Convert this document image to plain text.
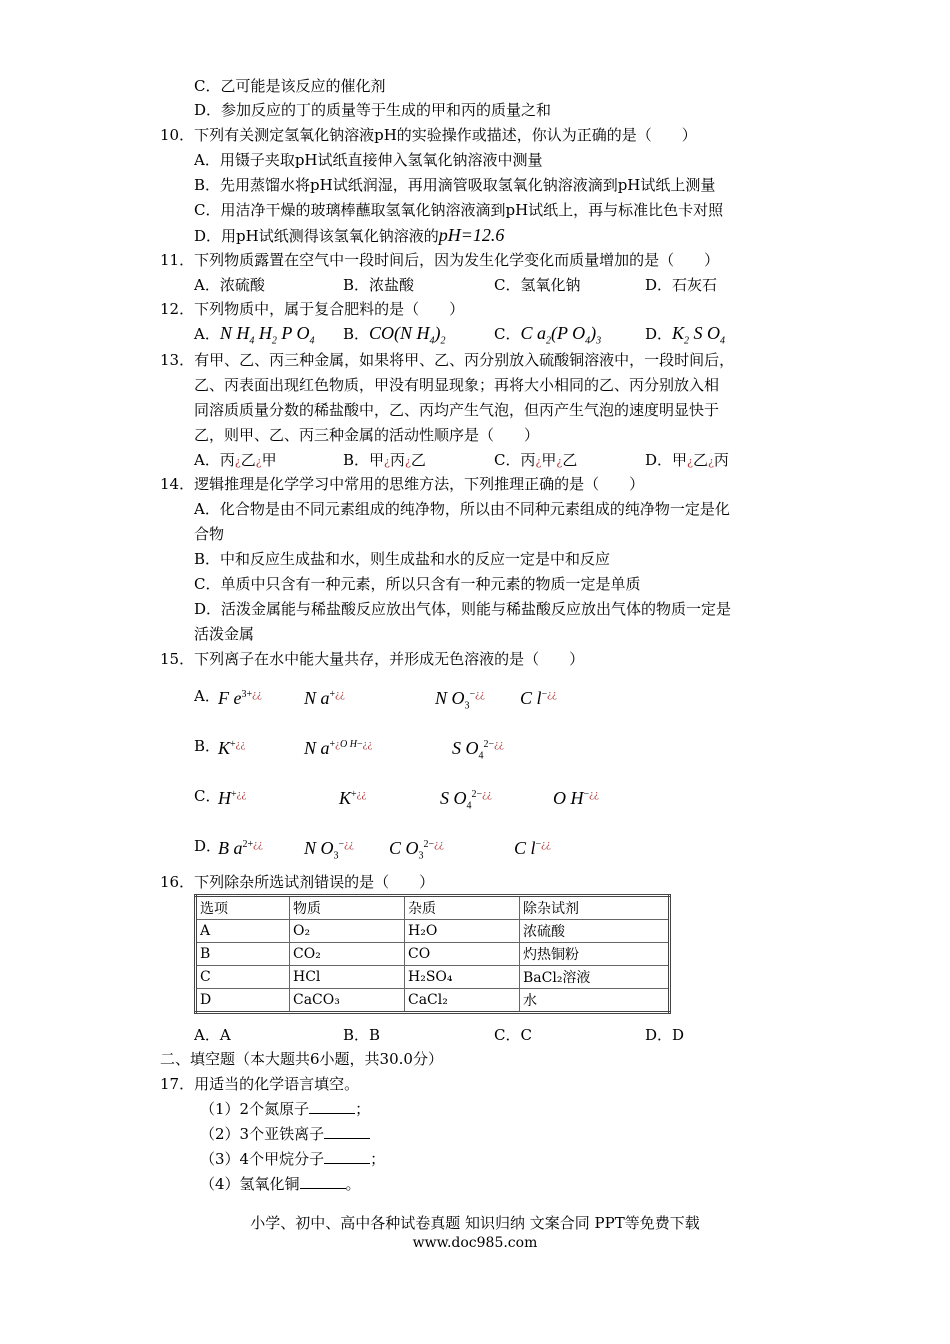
C．乙可能是该反应的催化剂
D．参加反应的丁的质量等于生成的甲和丙的质量之和
10．下列有关测定氢氧化钠溶液pH的实验操作或描述，你认为正确的是（　　）
A．用镊子夹取pH试纸直接伸入氢氧化钠溶液中测量
B．先用蒸馏水将pH试纸润湿，再用滴管吸取氢氧化钠溶液滴到pH试纸上测量
C．用洁净干燥的玻璃棒蘸取氢氧化钠溶液滴到pH试纸上，再与标准比色卡对照
D．用pH试纸测得该氢氧化钠溶液的pH=12.6
11．下列物质露置在空气中一段时间后，因为发生化学变化而质量增加的是（　　）
A．浓硫酸	B．浓盐酸	C．氢氧化钠	D．石灰石
12．下列物质中，属于复合肥料的是（　　）
A．N $H_4$ $H_2$ P $O_4$ B．CO(N $H_4)_2$	C．C $a_2(P$ $O_4)_3$	D．$K_2$ S $O_4$
13．有甲、乙、丙三种金属，如果将甲、乙、丙分别放入硫酸铜溶液中，一段时间后，
乙、丙表面出现红色物质，甲没有明显现象；再将大小相同的乙、丙分别放入相
同溶质质量分数的稀盐酸中，乙、丙均产生气泡，但丙产生气泡的速度明显快于
乙，则甲、乙、丙三种金属的活动性顺序是（　　）
A．丙¿乙¿甲	B．甲¿丙¿乙	C．丙¿甲¿乙	D．甲¿乙¿丙
14．逻辑推理是化学学习中常用的思维方法，下列推理正确的是（　　）
A．化合物是由不同元素组成的纯净物，所以由不同种元素组成的纯净物一定是化
合物
B．中和反应生成盐和水，则生成盐和水的反应一定是中和反应
C．单质中只含有一种元素，所以只含有一种元素的物质一定是单质
D．活泼金属能与稀盐酸反应放出气体，则能与稀盐酸反应放出气体的物质一定是
活泼金属
15．下列离子在水中能大量共存，并形成无色溶液的是（　　）
A．
F $e^{3+¿¿}$ N a+¿¿	N $O_3^{-¿¿}$ C l−¿¿
B．
K+¿¿	N $a^{+¿O H-¿¿}$	S $O_4^{2-¿¿}$
C．
H+¿¿	K+¿¿	S $O_4^{2-¿¿}$	O H−¿¿
D．
B $a^{2+¿¿}$ N $O_3^{-¿¿}$ C $O_3^{2-¿¿}$	C l−¿¿
16．下列除杂所选试剂错误的是（　　）
选项	物质	杂质	除杂试剂
A	O₂	H₂O	浓硫酸
B	CO₂	CO	灼热铜粉
C	HCl	H₂SO₄	BaCl₂溶液
D	CaCO₃	CaCl₂	水
A．A	B．B	C．C	D．D
二、填空题（本大题共6小题，共30.0分）
17．用适当的化学语言填空。
（1）2个氮原子	；
（2）3个亚铁离子
（3）4个甲烷分子	；
（4）氢氧化铜	。
小学、初中、高中各种试卷真题 知识归纳 文案合同 PPT等免费下载
www.doc985.com
